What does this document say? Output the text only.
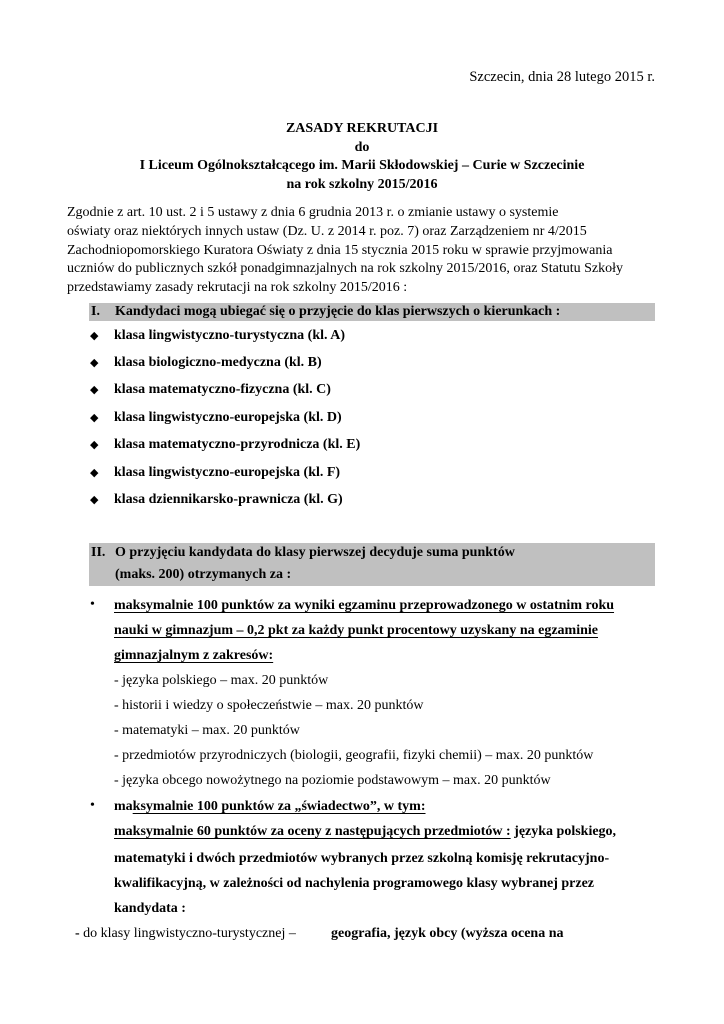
Szczecin, dnia 28 lutego 2015 r.
ZASADY REKRUTACJI
do
I Liceum Ogólnokształcącego im. Marii Skłodowskiej – Curie w Szczecinie
na rok szkolny 2015/2016
Zgodnie z art. 10 ust. 2 i 5 ustawy z dnia 6 grudnia 2013 r. o zmianie ustawy o systemie
oświaty oraz niektórych innych ustaw (Dz. U. z 2014 r. poz. 7) oraz Zarządzeniem nr 4/2015
Zachodniopomorskiego Kuratora Oświaty z dnia 15 stycznia 2015 roku w sprawie przyjmowania
uczniów do publicznych szkół ponadgimnazjalnych na rok szkolny 2015/2016, oraz Statutu Szkoły
przedstawiamy zasady rekrutacji na rok szkolny 2015/2016 :
I. Kandydaci mogą ubiegać się o przyjęcie do klas pierwszych o kierunkach :
◆ klasa lingwistyczno-turystyczna (kl. A)
◆ klasa biologiczno-medyczna (kl. B)
◆ klasa matematyczno-fizyczna (kl. C)
◆ klasa lingwistyczno-europejska (kl. D)
◆ klasa matematyczno-przyrodnicza (kl. E)
◆ klasa lingwistyczno-europejska (kl. F)
◆ klasa dziennikarsko-prawnicza (kl. G)
II. O przyjęciu kandydata do klasy pierwszej decyduje suma punktów
(maks. 200) otrzymanych za :
• maksymalnie 100 punktów za wyniki egzaminu przeprowadzonego w ostatnim roku
nauki w gimnazjum – 0,2 pkt za każdy punkt procentowy uzyskany na egzaminie
gimnazjalnym z zakresów:
- języka polskiego – max. 20 punktów
- historii i wiedzy o społeczeństwie – max. 20 punktów
- matematyki – max. 20 punktów
- przedmiotów przyrodniczych (biologii, geografii, fizyki chemii) – max. 20 punktów
- języka obcego nowożytnego na poziomie podstawowym – max. 20 punktów
• maksymalnie 100 punktów za „świadectwo”, w tym:
maksymalnie 60 punktów za oceny z następujących przedmiotów : języka polskiego,
matematyki i dwóch przedmiotów wybranych przez szkolną komisję rekrutacyjno-
kwalifikacyjną, w zależności od nachylenia programowego klasy wybranej przez
kandydata :
- do klasy lingwistyczno-turystycznej –	geografia, język obcy (wyższa ocena na
